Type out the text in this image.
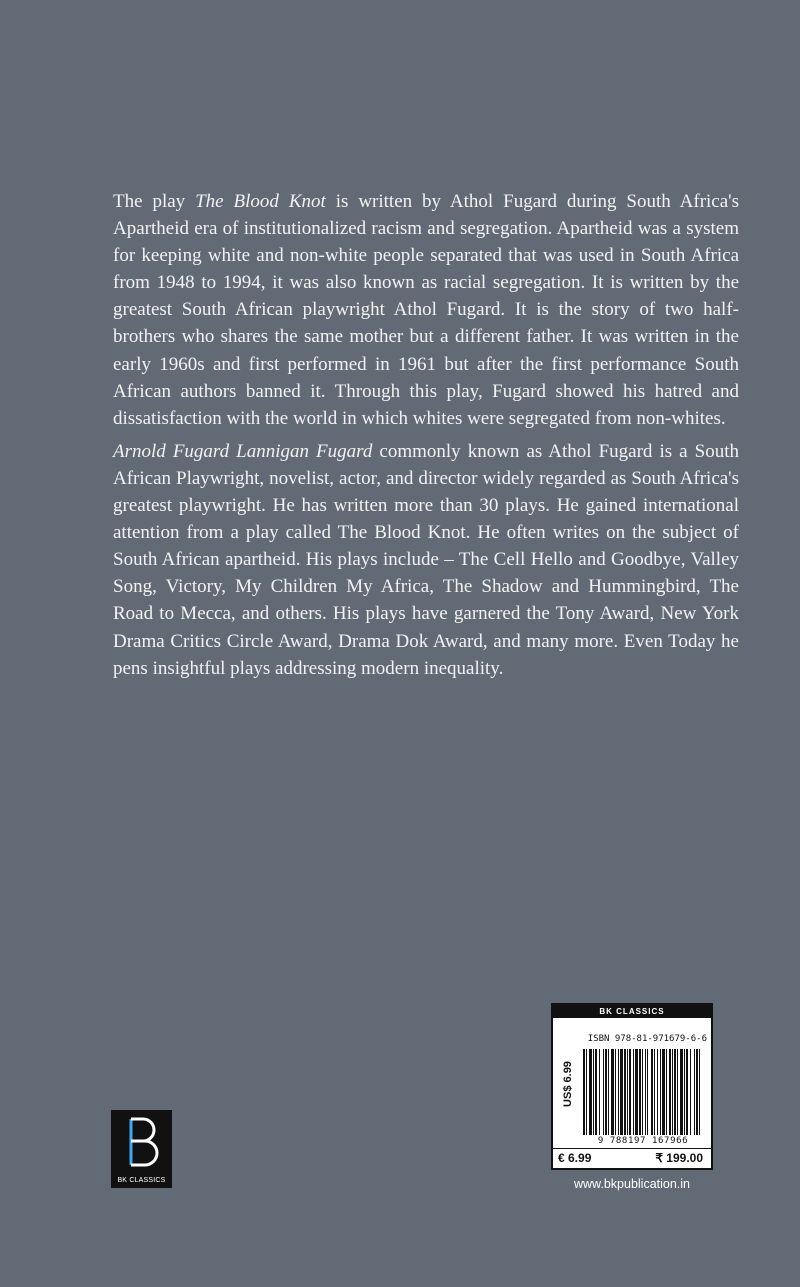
The play The Blood Knot is written by Athol Fugard during South Africa's Apartheid era of institutionalized racism and segregation. Apartheid was a system for keeping white and non-white people separated that was used in South Africa from 1948 to 1994, it was also known as racial segregation. It is written by the greatest South African playwright Athol Fugard. It is the story of two half-brothers who shares the same mother but a different father. It was written in the early 1960s and first performed in 1961 but after the first performance South African authors banned it. Through this play, Fugard showed his hatred and dissatisfaction with the world in which whites were segregated from non-whites.

Arnold Fugard Lannigan Fugard commonly known as Athol Fugard is a South African Playwright, novelist, actor, and director widely regarded as South Africa's greatest playwright. He has written more than 30 plays. He gained international attention from a play called The Blood Knot. He often writes on the subject of South African apartheid. His plays include – The Cell Hello and Goodbye, Valley Song, Victory, My Children My Africa, The Shadow and Hummingbird, The Road to Mecca, and others. His plays have garnered the Tony Award, New York Drama Critics Circle Award, Drama Dok Award, and many more. Even Today he pens insightful plays addressing modern inequality.

BK CLASSICS
BK CLASSICS
ISBN 978-81-971679-6-6
US$ 6.99
9 788197 167966
€ 6.99	₹ 199.00
www.bkpublication.in
